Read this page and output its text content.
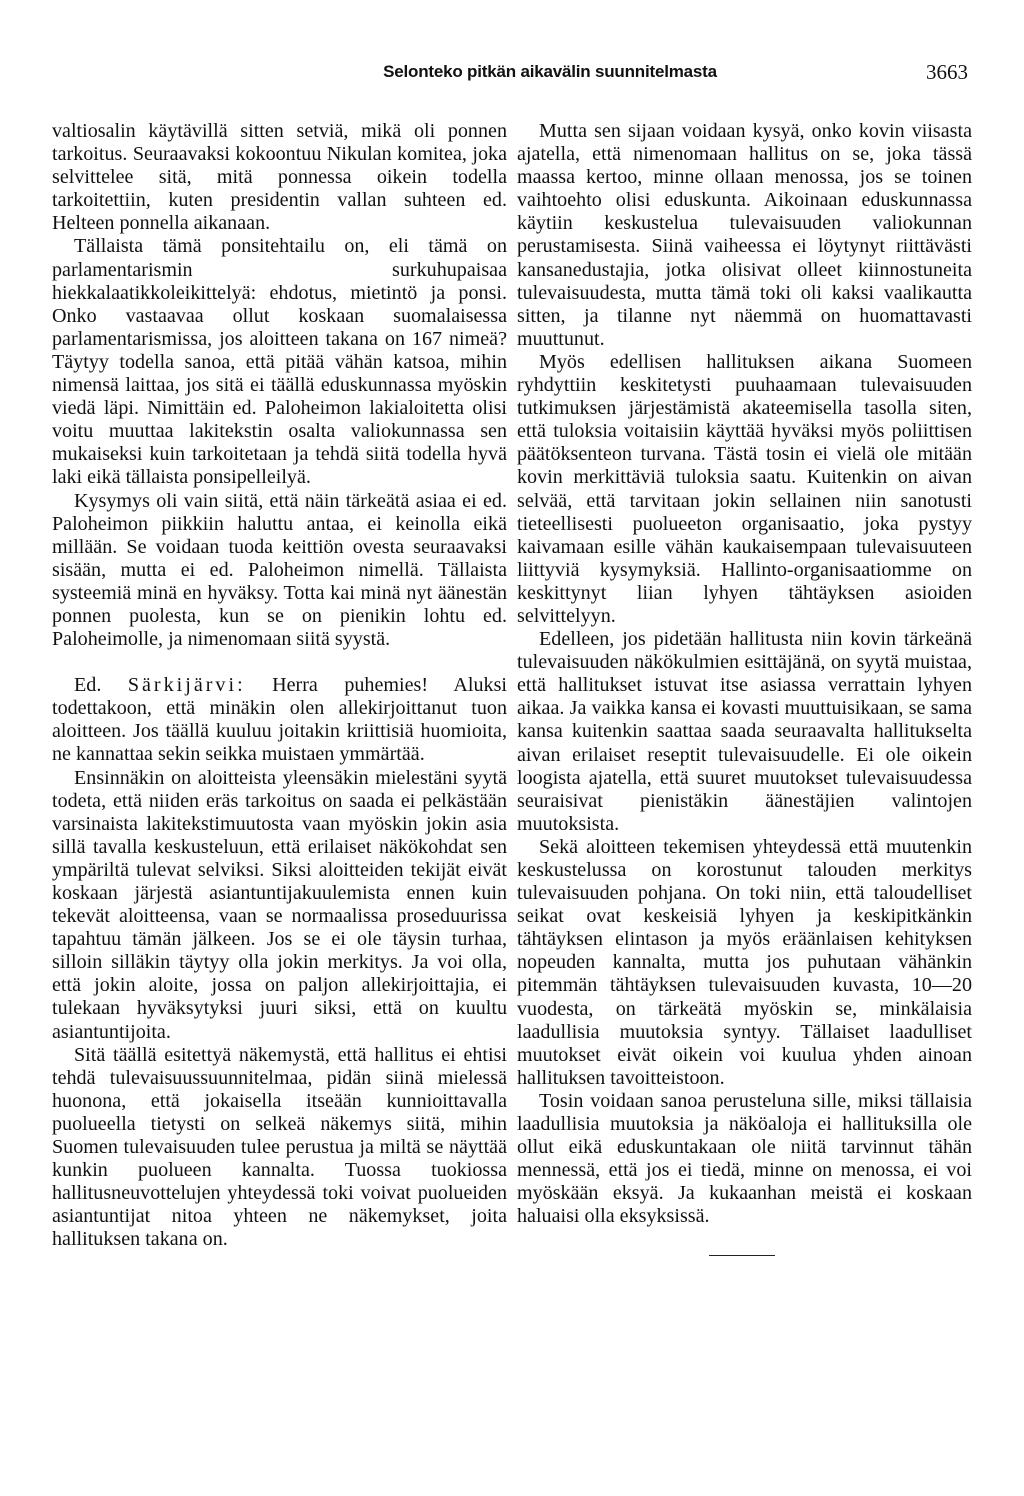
Selonteko pitkän aikavälin suunnitelmasta	3663

valtiosalin käytävillä sitten setviä, mikä oli ponnen tarkoitus. Seuraavaksi kokoontuu Nikulan komitea, joka selvittelee sitä, mitä ponnessa oikein todella tarkoitettiin, kuten presidentin vallan suhteen ed. Helteen ponnella aikanaan.

Tällaista tämä ponsitehtailu on, eli tämä on parlamentarismin surkuhupaisaa hiekkalaatikkoleikittelyä: ehdotus, mietintö ja ponsi. Onko vastaavaa ollut koskaan suomalaisessa parlamentarismissa, jos aloitteen takana on 167 nimeä? Täytyy todella sanoa, että pitää vähän katsoa, mihin nimensä laittaa, jos sitä ei täällä eduskunnassa myöskin viedä läpi. Nimittäin ed. Paloheimon lakialoitetta olisi voitu muuttaa lakitekstin osalta valiokunnassa sen mukaiseksi kuin tarkoitetaan ja tehdä siitä todella hyvä laki eikä tällaista ponsipelleilyä.

Kysymys oli vain siitä, että näin tärkeätä asiaa ei ed. Paloheimon piikkiin haluttu antaa, ei keinolla eikä millään. Se voidaan tuoda keittiön ovesta seuraavaksi sisään, mutta ei ed. Paloheimon nimellä. Tällaista systeemiä minä en hyväksy. Totta kai minä nyt äänestän ponnen puolesta, kun se on pienikin lohtu ed. Paloheimolle, ja nimenomaan siitä syystä.

Ed. Särkijärvi: Herra puhemies! Aluksi todettakoon, että minäkin olen allekirjoittanut tuon aloitteen. Jos täällä kuuluu joitakin kriittisiä huomioita, ne kannattaa sekin seikka muistaen ymmärtää.

Ensinnäkin on aloitteista yleensäkin mielestäni syytä todeta, että niiden eräs tarkoitus on saada ei pelkästään varsinaista lakitekstimuutosta vaan myöskin jokin asia sillä tavalla keskusteluun, että erilaiset näkökohdat sen ympäriltä tulevat selviksi. Siksi aloitteiden tekijät eivät koskaan järjestä asiantuntijakuulemista ennen kuin tekevät aloitteensa, vaan se normaalissa proseduurissa tapahtuu tämän jälkeen. Jos se ei ole täysin turhaa, silloin silläkin täytyy olla jokin merkitys. Ja voi olla, että jokin aloite, jossa on paljon allekirjoittajia, ei tulekaan hyväksytyksi juuri siksi, että on kuultu asiantuntijoita.

Sitä täällä esitettyä näkemystä, että hallitus ei ehtisi tehdä tulevaisuussuunnitelmaa, pidän siinä mielessä huonona, että jokaisella itseään kunnioittavalla puolueella tietysti on selkeä näkemys siitä, mihin Suomen tulevaisuuden tulee perustua ja miltä se näyttää kunkin puolueen kannalta. Tuossa tuokiossa hallitusneuvottelujen yhteydessä toki voivat puolueiden asiantuntijat nitoa yhteen ne näkemykset, joita hallituksen takana on.

Mutta sen sijaan voidaan kysyä, onko kovin viisasta ajatella, että nimenomaan hallitus on se, joka tässä maassa kertoo, minne ollaan menossa, jos se toinen vaihtoehto olisi eduskunta. Aikoinaan eduskunnassa käytiin keskustelua tulevaisuuden valiokunnan perustamisesta. Siinä vaiheessa ei löytynyt riittävästi kansanedustajia, jotka olisivat olleet kiinnostuneita tulevaisuudesta, mutta tämä toki oli kaksi vaalikautta sitten, ja tilanne nyt näemmä on huomattavasti muuttunut.

Myös edellisen hallituksen aikana Suomeen ryhdyttiin keskitetysti puuhaamaan tulevaisuuden tutkimuksen järjestämistä akateemisella tasolla siten, että tuloksia voitaisiin käyttää hyväksi myös poliittisen päätöksenteon turvana. Tästä tosin ei vielä ole mitään kovin merkittäviä tuloksia saatu. Kuitenkin on aivan selvää, että tarvitaan jokin sellainen niin sanotusti tieteellisesti puolueeton organisaatio, joka pystyy kaivamaan esille vähän kaukaisempaan tulevaisuuteen liittyviä kysymyksiä. Hallinto-organisaatiomme on keskittynyt liian lyhyen tähtäyksen asioiden selvittelyyn.

Edelleen, jos pidetään hallitusta niin kovin tärkeänä tulevaisuuden näkökulmien esittäjänä, on syytä muistaa, että hallitukset istuvat itse asiassa verrattain lyhyen aikaa. Ja vaikka kansa ei kovasti muuttuisikaan, se sama kansa kuitenkin saattaa saada seuraavalta hallitukselta aivan erilaiset reseptit tulevaisuudelle. Ei ole oikein loogista ajatella, että suuret muutokset tulevaisuudessa seuraisivat pienistäkin äänestäjien valintojen muutoksista.

Sekä aloitteen tekemisen yhteydessä että muutenkin keskustelussa on korostunut talouden merkitys tulevaisuuden pohjana. On toki niin, että taloudelliset seikat ovat keskeisiä lyhyen ja keskipitkänkin tähtäyksen elintason ja myös eräänlaisen kehityksen nopeuden kannalta, mutta jos puhutaan vähänkin pitemmän tähtäyksen tulevaisuuden kuvasta, 10—20 vuodesta, on tärkeätä myöskin se, minkälaisia laadullisia muutoksia syntyy. Tällaiset laadulliset muutokset eivät oikein voi kuulua yhden ainoan hallituksen tavoitteistoon.

Tosin voidaan sanoa perusteluna sille, miksi tällaisia laadullisia muutoksia ja näköaloja ei hallituksilla ole ollut eikä eduskuntakaan ole niitä tarvinnut tähän mennessä, että jos ei tiedä, minne on menossa, ei voi myöskään eksyä. Ja kukaanhan meistä ei koskaan haluaisi olla eksyksissä.
